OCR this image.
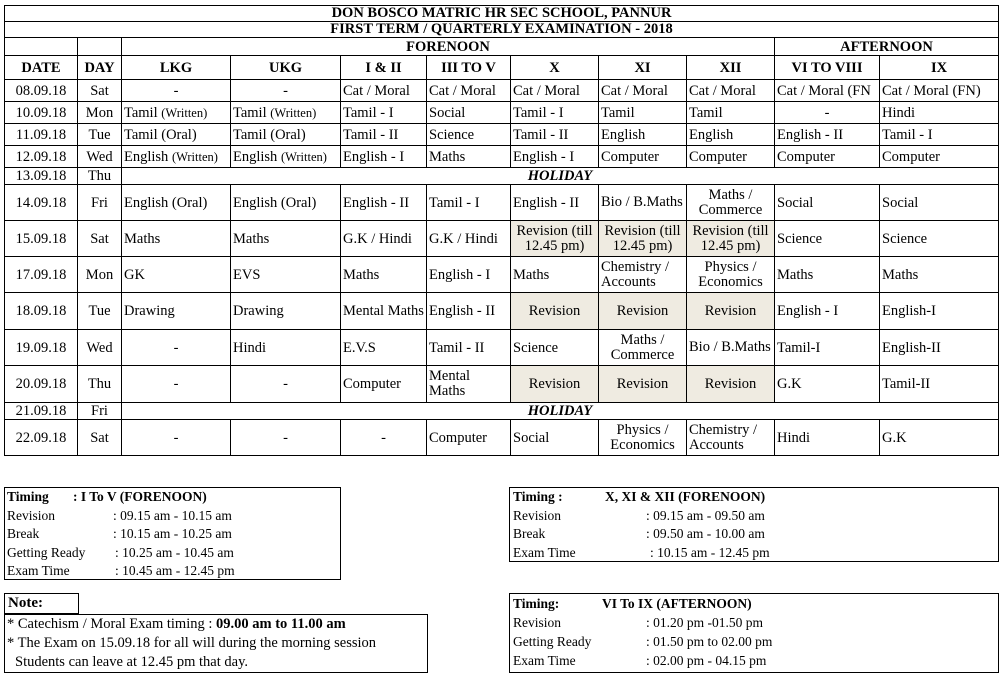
DON BOSCO MATRIC HR SEC SCHOOL, PANNUR										
FIRST TERM / QUARTERLY EXAMINATION - 2018										
		FORENOON							AFTERNOON	
DATE	DAY	LKG	UKG	I & II	III TO V	X	XI	XII	VI TO VIII	IX
08.09.18	Sat	-	-	Cat / Moral	Cat / Moral	Cat / Moral	Cat / Moral	Cat / Moral	Cat / Moral (FN	Cat / Moral (FN)
10.09.18	Mon	Tamil (Written)	Tamil (Written)	Tamil - I	Social	Tamil - I	Tamil	Tamil	-	Hindi
11.09.18	Tue	Tamil (Oral)	Tamil (Oral)	Tamil - II	Science	Tamil - II	English	English	English - II	Tamil - I
12.09.18	Wed	English (Written)	English (Written)	English - I	Maths	English - I	Computer	Computer	Computer	Computer
13.09.18	Thu	HOLIDAY								
14.09.18	Fri	English (Oral)	English (Oral)	English - II	Tamil - I	English - II	Bio / B.Maths	Maths / Commerce	Social	Social
15.09.18	Sat	Maths	Maths	G.K / Hindi	G.K / Hindi	Revision (till 12.45 pm)	Revision (till 12.45 pm)	Revision (till 12.45 pm)	Science	Science
17.09.18	Mon	GK	EVS	Maths	English - I	Maths	Chemistry / Accounts	Physics / Economics	Maths	Maths
18.09.18	Tue	Drawing	Drawing	Mental Maths	English - II	Revision	Revision	Revision	English - I	English-I
19.09.18	Wed	-	Hindi	E.V.S	Tamil - II	Science	Maths / Commerce	Bio / B.Maths	Tamil-I	English-II
20.09.18	Thu	-	-	Computer	Mental Maths	Revision	Revision	Revision	G.K	Tamil-II
21.09.18	Fri	HOLIDAY								
22.09.18	Sat	-	-	-	Computer	Social	Physics / Economics	Chemistry / Accounts	Hindi	G.K
Timing : I To V (FORENOON)
Revision	: 09.15 am - 10.15 am
Break	: 10.15 am - 10.25 am
Getting Ready : 10.25 am - 10.45 am
Exam Time	: 10.45 am - 12.45 pm
Timing :	X, XI & XII (FORENOON)
Revision	: 09.15 am - 09.50 am
Break	: 09.50 am - 10.00 am
Exam Time	: 10.15 am - 12.45 pm
Note:
* Catechism / Moral Exam timing : 09.00 am to 11.00 am
* The Exam on 15.09.18 for all will during the morning session
Students can leave at 12.45 pm that day.
Timing:	VI To IX (AFTERNOON)
Revision	: 01.20 pm -01.50 pm
Getting Ready	: 01.50 pm to 02.00 pm
Exam Time	: 02.00 pm - 04.15 pm
